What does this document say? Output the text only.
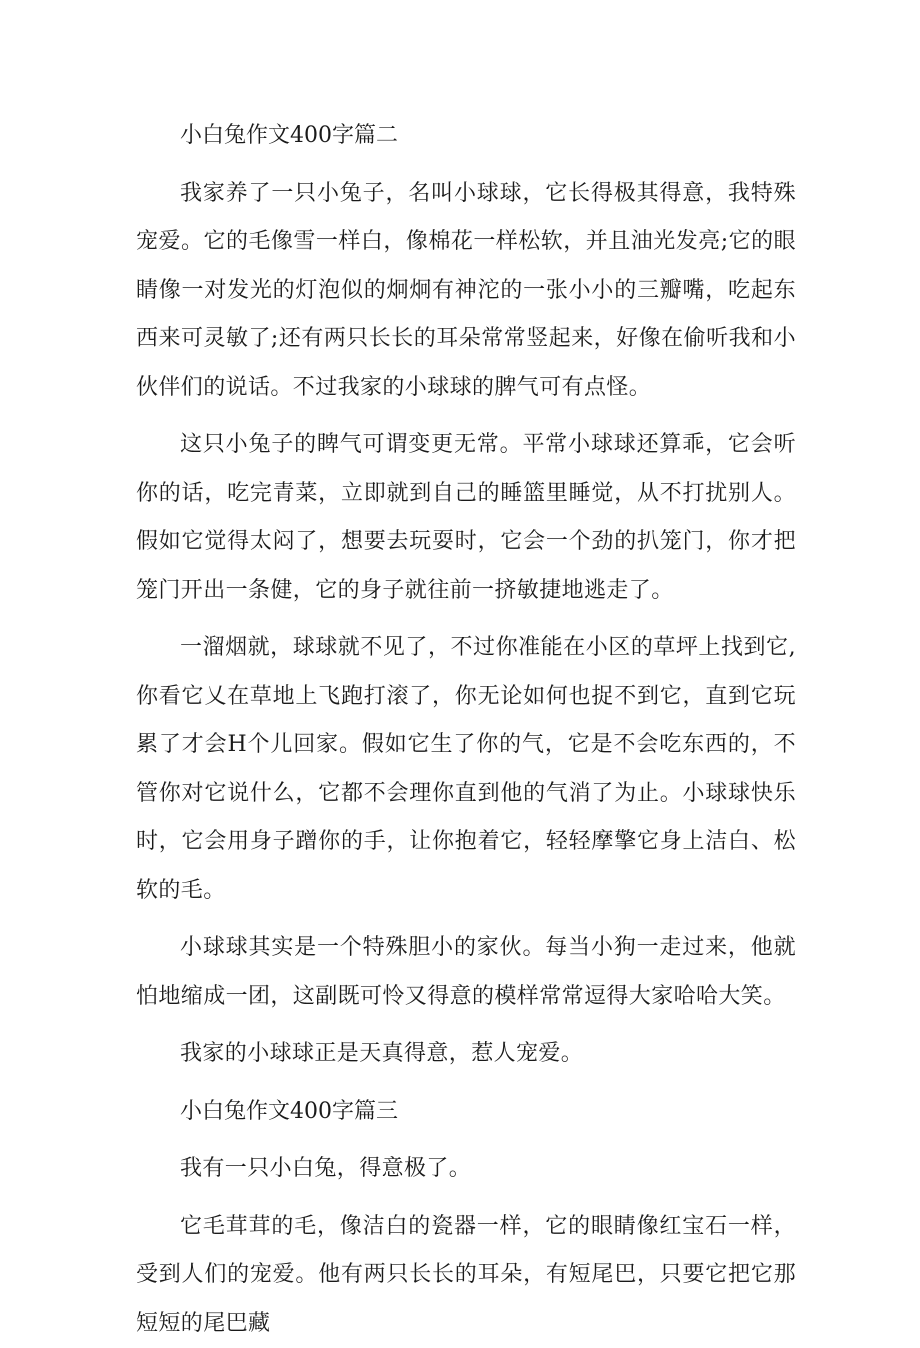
小白兔作文400字篇二

我家养了一只小兔子，名叫小球球，它长得极其得意，我特殊宠爱。它的毛像雪一样白，像棉花一样松软，并且油光发亮;它的眼睛像一对发光的灯泡似的炯炯有神沱的一张小小的三瓣嘴，吃起东西来可灵敏了;还有两只长长的耳朵常常竖起来，好像在偷听我和小伙伴们的说话。不过我家的小球球的脾气可有点怪。

这只小兔子的睥气可谓变更无常。平常小球球还算乖，它会听你的话，吃完青菜，立即就到自己的睡篮里睡觉，从不打扰别人。假如它觉得太闷了，想要去玩耍时，它会一个劲的扒笼门，你才把笼门开出一条健，它的身子就往前一挤敏捷地逃走了。

一溜烟就，球球就不见了，不过你准能在小区的草坪上找到它,你看它乂在草地上飞跑打滚了，你无论如何也捉不到它，直到它玩累了才会H个儿回家。假如它生了你的气，它是不会吃东西的，不管你对它说什么，它都不会理你直到他的气消了为止。小球球快乐时，它会用身子蹭你的手，让你抱着它，轻轻摩擎它身上洁白、松软的毛。

小球球其实是一个特殊胆小的家伙。每当小狗一走过来，他就怕地缩成一团，这副既可怜又得意的模样常常逗得大家哈哈大笑。

我家的小球球正是天真得意，惹人宠爱。

小白兔作文400字篇三

我有一只小白兔，得意极了。

它毛茸茸的毛，像洁白的瓷器一样，它的眼睛像红宝石一样，受到人们的宠爱。他有两只长长的耳朵，有短尾巴，只要它把它那短短的尾巴藏
